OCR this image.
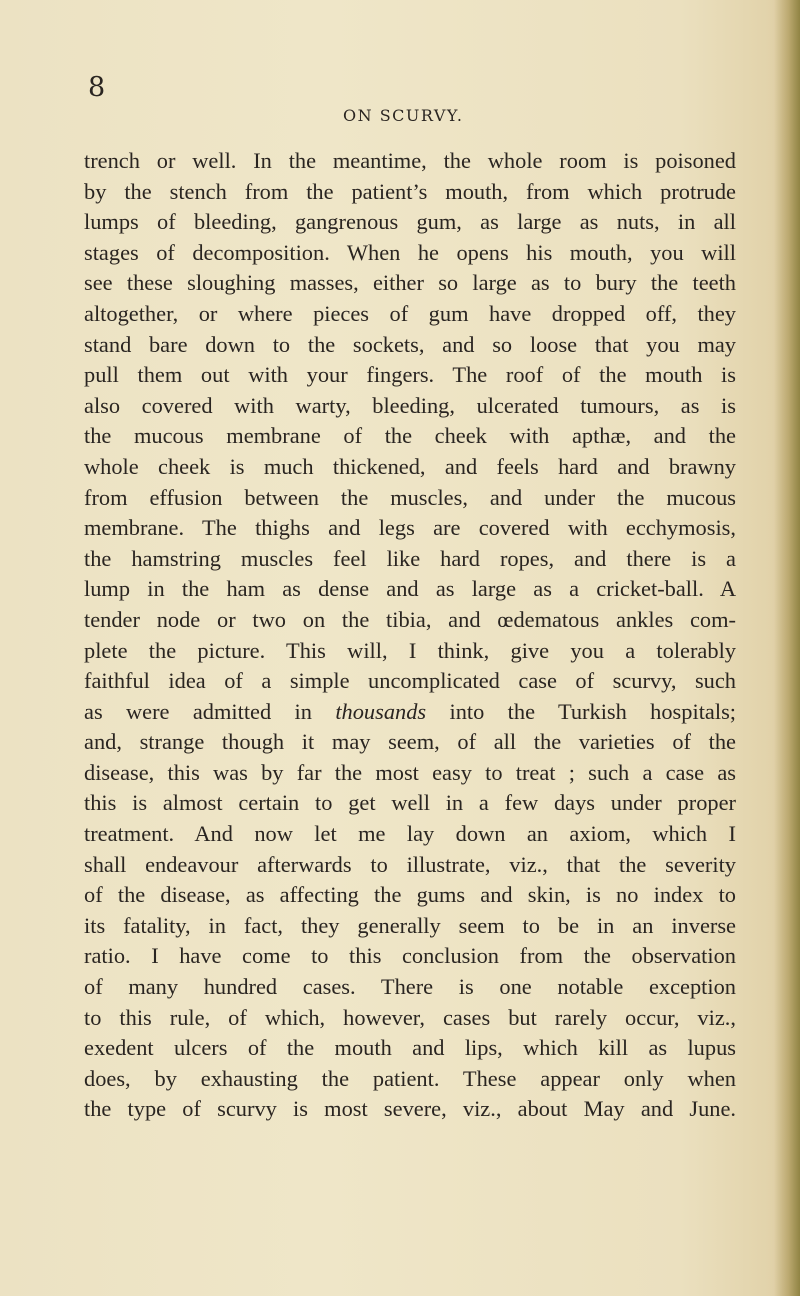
8
ON SCURVY.
trench or well. In the meantime, the whole room is poisoned
by the stench from the patient’s mouth, from which protrude
lumps of bleeding, gangrenous gum, as large as nuts, in all
stages of decomposition. When he opens his mouth, you will
see these sloughing masses, either so large as to bury the teeth
altogether, or where pieces of gum have dropped off, they
stand bare down to the sockets, and so loose that you may
pull them out with your fingers. The roof of the mouth is
also covered with warty, bleeding, ulcerated tumours, as is
the mucous membrane of the cheek with apthæ, and the
whole cheek is much thickened, and feels hard and brawny
from effusion between the muscles, and under the mucous
membrane. The thighs and legs are covered with ecchymosis,
the hamstring muscles feel like hard ropes, and there is a
lump in the ham as dense and as large as a cricket-ball. A
tender node or two on the tibia, and œdematous ankles com-
plete the picture. This will, I think, give you a tolerably
faithful idea of a simple uncomplicated case of scurvy, such
as were admitted in thousands into the Turkish hospitals;
and, strange though it may seem, of all the varieties of the
disease, this was by far the most easy to treat ; such a case as
this is almost certain to get well in a few days under proper
treatment. And now let me lay down an axiom, which I
shall endeavour afterwards to illustrate, viz., that the severity
of the disease, as affecting the gums and skin, is no index to
its fatality, in fact, they generally seem to be in an inverse
ratio. I have come to this conclusion from the observation
of many hundred cases. There is one notable exception
to this rule, of which, however, cases but rarely occur, viz.,
exedent ulcers of the mouth and lips, which kill as lupus
does, by exhausting the patient. These appear only when
the type of scurvy is most severe, viz., about May and June.
